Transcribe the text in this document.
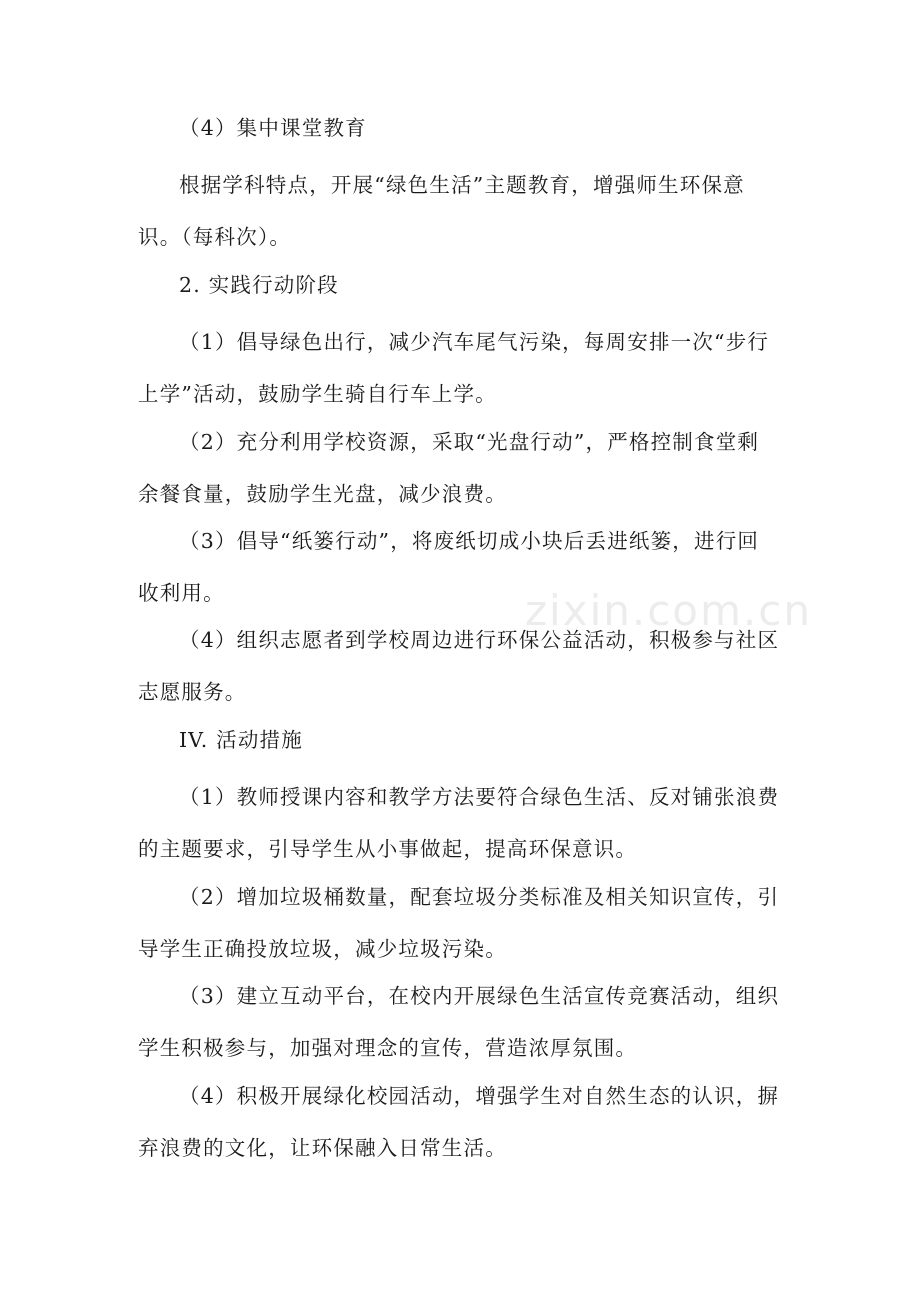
（4）集中课堂教育

根据学科特点，开展“绿色生活”主题教育，增强师生环保意识。（每科次）。

2. 实践行动阶段

（1）倡导绿色出行，减少汽车尾气污染，每周安排一次“步行上学”活动，鼓励学生骑自行车上学。

（2）充分利用学校资源，采取“光盘行动”，严格控制食堂剩余餐食量，鼓励学生光盘，减少浪费。

（3）倡导“纸篓行动”，将废纸切成小块后丢进纸篓，进行回收利用。

（4）组织志愿者到学校周边进行环保公益活动，积极参与社区志愿服务。

IV. 活动措施

（1）教师授课内容和教学方法要符合绿色生活、反对铺张浪费的主题要求，引导学生从小事做起，提高环保意识。

（2）增加垃圾桶数量，配套垃圾分类标准及相关知识宣传，引导学生正确投放垃圾，减少垃圾污染。

（3）建立互动平台，在校内开展绿色生活宣传竞赛活动，组织学生积极参与，加强对理念的宣传，营造浓厚氛围。

（4）积极开展绿化校园活动，增强学生对自然生态的认识，摒弃浪费的文化，让环保融入日常生活。

zixin.com.cn
